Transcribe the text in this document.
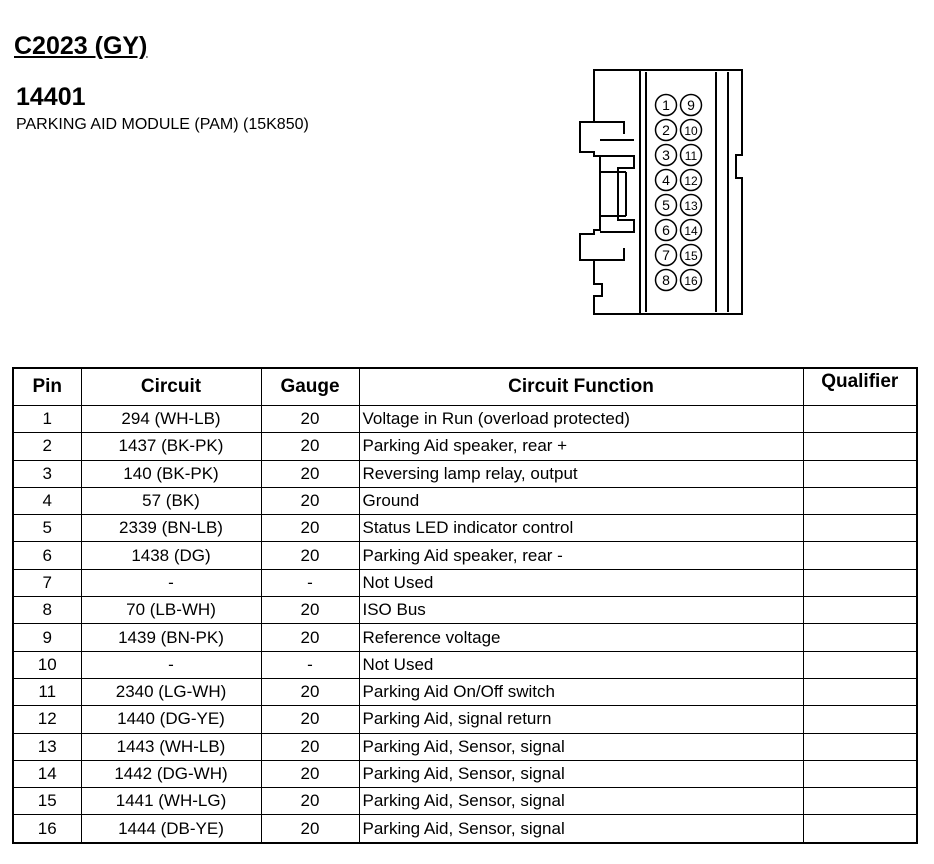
C2023 (GY)
14401
PARKING AID MODULE (PAM) (15K850)
1
2
3
4
5
6
7
8
9
10
11
12
13
14
15
16
Pin	Circuit	Gauge	Circuit Function	Qualifier
1	294 (WH-LB)	20	Voltage in Run (overload protected)	
2	1437 (BK-PK)	20	Parking Aid speaker, rear +	
3	140 (BK-PK)	20	Reversing lamp relay, output	
4	57 (BK)	20	Ground	
5	2339 (BN-LB)	20	Status LED indicator control	
6	1438 (DG)	20	Parking Aid speaker, rear -	
7	-	-	Not Used	
8	70 (LB-WH)	20	ISO Bus	
9	1439 (BN-PK)	20	Reference voltage	
10	-	-	Not Used	
11	2340 (LG-WH)	20	Parking Aid On/Off switch	
12	1440 (DG-YE)	20	Parking Aid, signal return	
13	1443 (WH-LB)	20	Parking Aid, Sensor, signal	
14	1442 (DG-WH)	20	Parking Aid, Sensor, signal	
15	1441 (WH-LG)	20	Parking Aid, Sensor, signal	
16	1444 (DB-YE)	20	Parking Aid, Sensor, signal	
